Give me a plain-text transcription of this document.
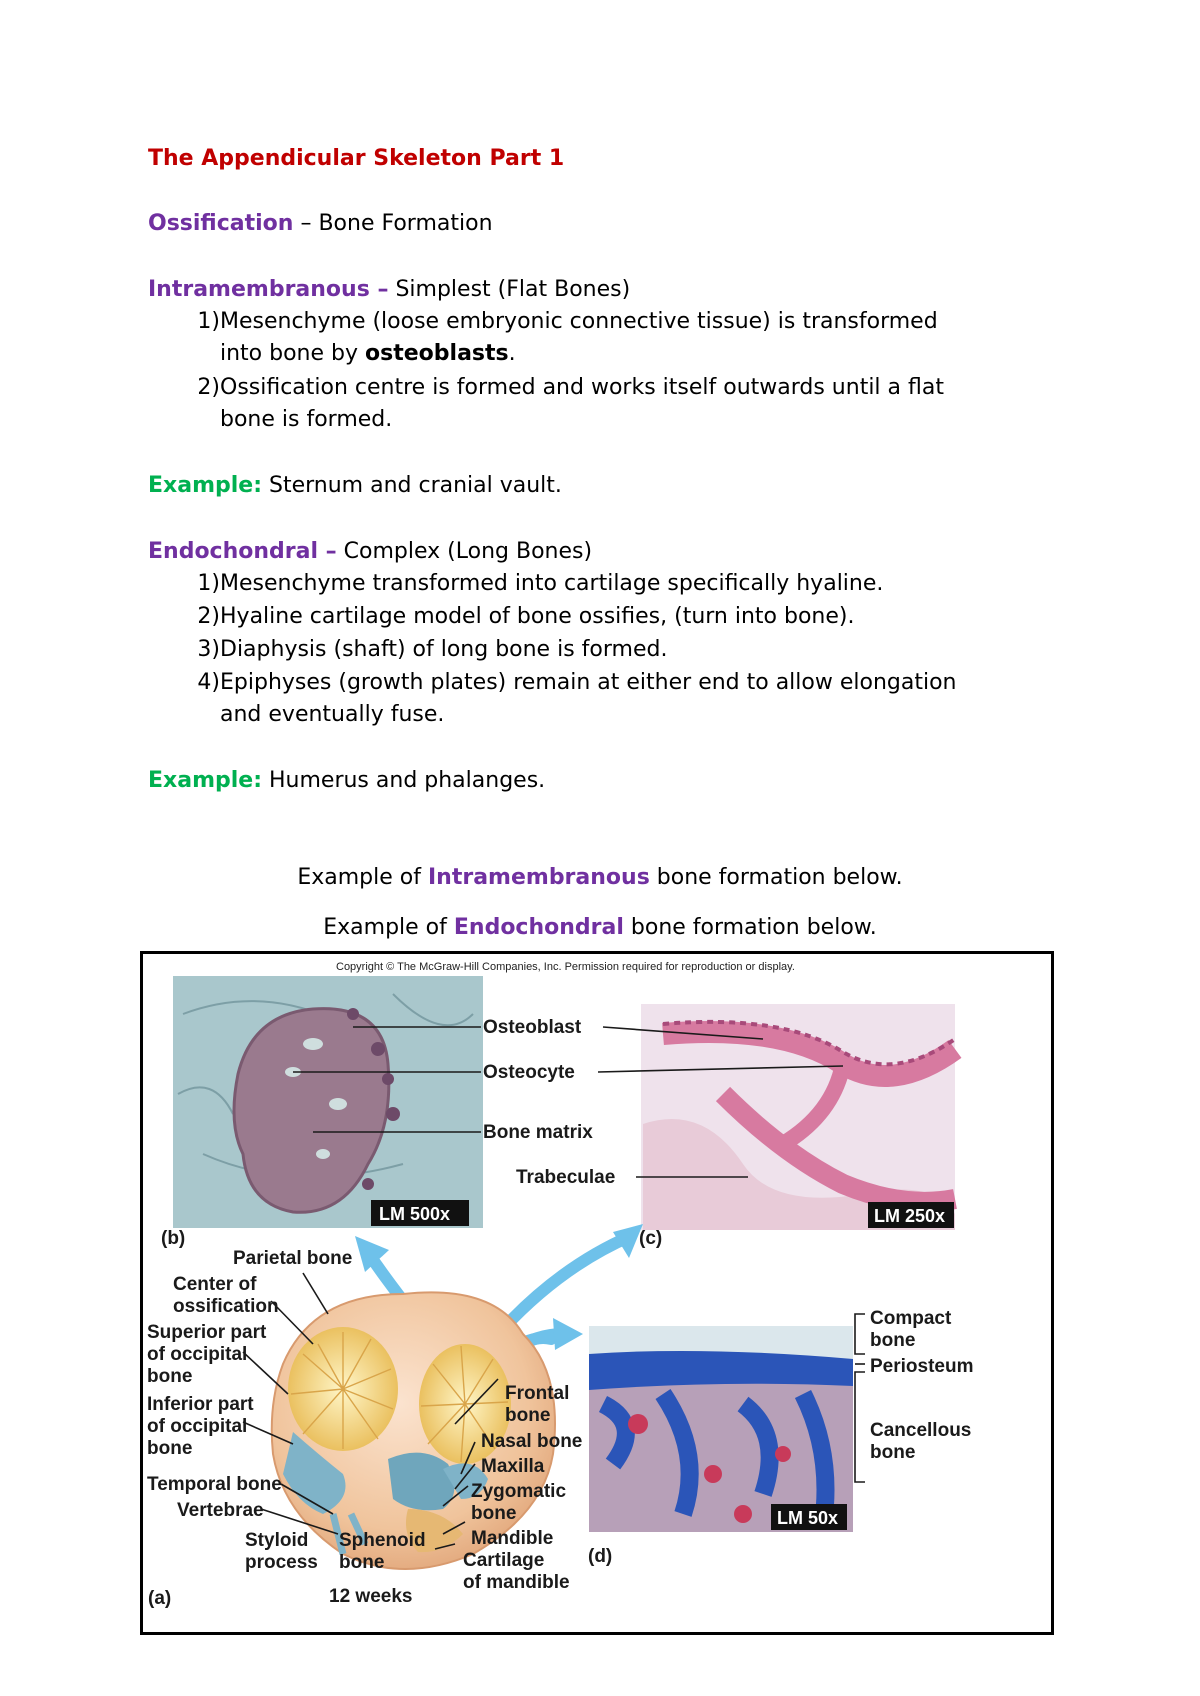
The Appendicular Skeleton Part 1
Ossification – Bone Formation
Intramembranous – Simplest (Flat Bones)
1) Mesenchyme (loose embryonic connective tissue) is transformed
into bone by osteoblasts.
2) Ossification centre is formed and works itself outwards until a flat
bone is formed.
Example: Sternum and cranial vault.
Endochondral – Complex (Long Bones)
1) Mesenchyme transformed into cartilage specifically hyaline.
2) Hyaline cartilage model of bone ossifies, (turn into bone).
3) Diaphysis (shaft) of long bone is formed.
4) Epiphyses (growth plates) remain at either end to allow elongation
and eventually fuse.
Example: Humerus and phalanges.
Example of Intramembranous bone formation below.
Example of Endochondral bone formation below.
Copyright © The McGraw-Hill Companies, Inc. Permission required for reproduction or display.
LM 500x	LM 250x
LM 50x
(b)	(c)
(d)
(a)
Osteoblast
Osteocyte
Bone matrix
Trabeculae
Parietal bone
Center of
ossification
Superior part
of occipital
bone
Inferior part
of occipital
bone
Temporal bone
Vertebrae
Styloid
process
Sphenoid
bone
12 weeks
Frontal
bone
Nasal bone
Maxilla
Zygomatic
bone
Mandible
Cartilage
of mandible
Compact
bone
Periosteum
Cancellous
bone
